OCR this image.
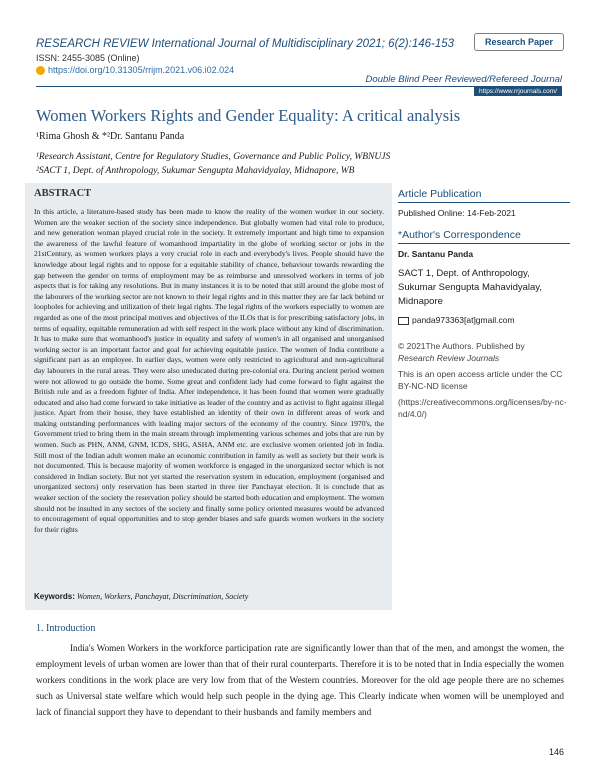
RESEARCH REVIEW International Journal of Multidisciplinary 2021; 6(2):146-153
ISSN: 2455-3085 (Online)
https://doi.org/10.31305/rrijm.2021.v06.i02.024
Research Paper
Double Blind Peer Reviewed/Refereed Journal
https://www.rrjournals.com/
Women Workers Rights and Gender Equality: A critical analysis
¹Rima Ghosh & *²Dr. Santanu Panda
¹Research Assistant, Centre for Regulatory Studies, Governance and Public Policy, WBNUJS
²SACT 1, Dept. of Anthropology, Sukumar Sengupta Mahavidyalay, Midnapore, WB
ABSTRACT
In this article, a literature-based study has been made to know the reality of the women worker in our society. Women are the weaker section of the society since independence. But globally women had vital role to produce, and new generation woman played crucial role in the society. It extremely important and high time to expansion the awareness of the lawful feature of womanhood impartiality in the globe of working sector or jobs in the 21stCentury, as women workers plays a very crucial role in each and everybody's lives. People should have the knowledge about legal rights and to oppose for a equitable stability of chance, behaviour towards rewarding the gap between the gender on terms of employment may be as reimburse and unresolved workers in terms of job aspects that is for taking any resolutions. But in many instances it is to be noted that still around the globe most of the labourers of the working sector are not known to their legal rights and in this matter they are far lack behind or loopholes for achieving and utilization of their legal rights. The legal rights of the workers especially to women are regarded as one of the most principal motives and objectives of the ILOs that is for prescribing satisfactory jobs, in terms of equality, equitable remuneration ad with self respect in the work place without any kind of discrimination. It has to make sure that womanhood's justice in equality and safety of women's in all organised and unorganised working sector is an important factor and goal for achieving equitable justice. The women of India contribute a significant part as an employee. In earlier days, women were only restricted to agricultural and non-agricultural day labourers in the rural areas. They were also uneducated during pre-colonial era. During ancient period women were not allowed to go outside the home. Some great and confident lady had come forward to fight against the British rule and as a freedom fighter of India. After independence, it has been found that women were gradually educated and also had come forward to take initiative as leader of the country and as activist to fight against illegal justice. Apart from their house, they have established an identity of their own in different areas of work and making outstanding performances with leading major sectors of the economy of the country. Since 1970's, the Government tried to bring them in the main stream through implementing various schemes and jobs that are run by women. Such as PHN, ANM, GNM, ICDS, SHG, ASHA, ANM etc. are exclusive women oriented job in India. Still most of the Indian adult women make an economic contribution in family as well as society but their work is not documented. This is because majority of women workforce is engaged in the unorganized sector which is not considered in Indian society. But not yet started the reservation system in education, employment (organised and unorganized sectors) only reservation has been started in three tier Panchayat election. It is conclude that as weaker section of the society the reservation policy should be started both education and employment. The women should not be insulted in any sectors of the society and finally some policy oriented measures would be advanced to encouragement of equal opportunities and to stop gender biases and safe guards women workers in the society for their rights
Keywords: Women, Workers, Panchayat, Discrimination, Society
Article Publication
Published Online: 14-Feb-2021
*Author's Correspondence
Dr. Santanu Panda
SACT 1, Dept. of Anthropology, Sukumar Sengupta Mahavidyalay, Midnapore
panda973363[at]gmail.com
© 2021The Authors. Published by
Research Review Journals
This is an open access article under the CC BY-NC-ND license
(https://creativecommons.org/licenses/by-nc-nd/4.0/)
1. Introduction
India's Women Workers in the workforce participation rate are significantly lower than that of the men, and amongst the women, the employment levels of urban women are lower than that of their rural counterparts. Therefore it is to be noted that in India especially the women workers conditions in the work place are very low from that of the Western countries. Moreover for the old age people there are no schemes such as Universal state welfare which would help such people in the dying age. This Clearly indicate when women will be unemployed and lack of financial support they have to dependant to their husbands and family members and
146
